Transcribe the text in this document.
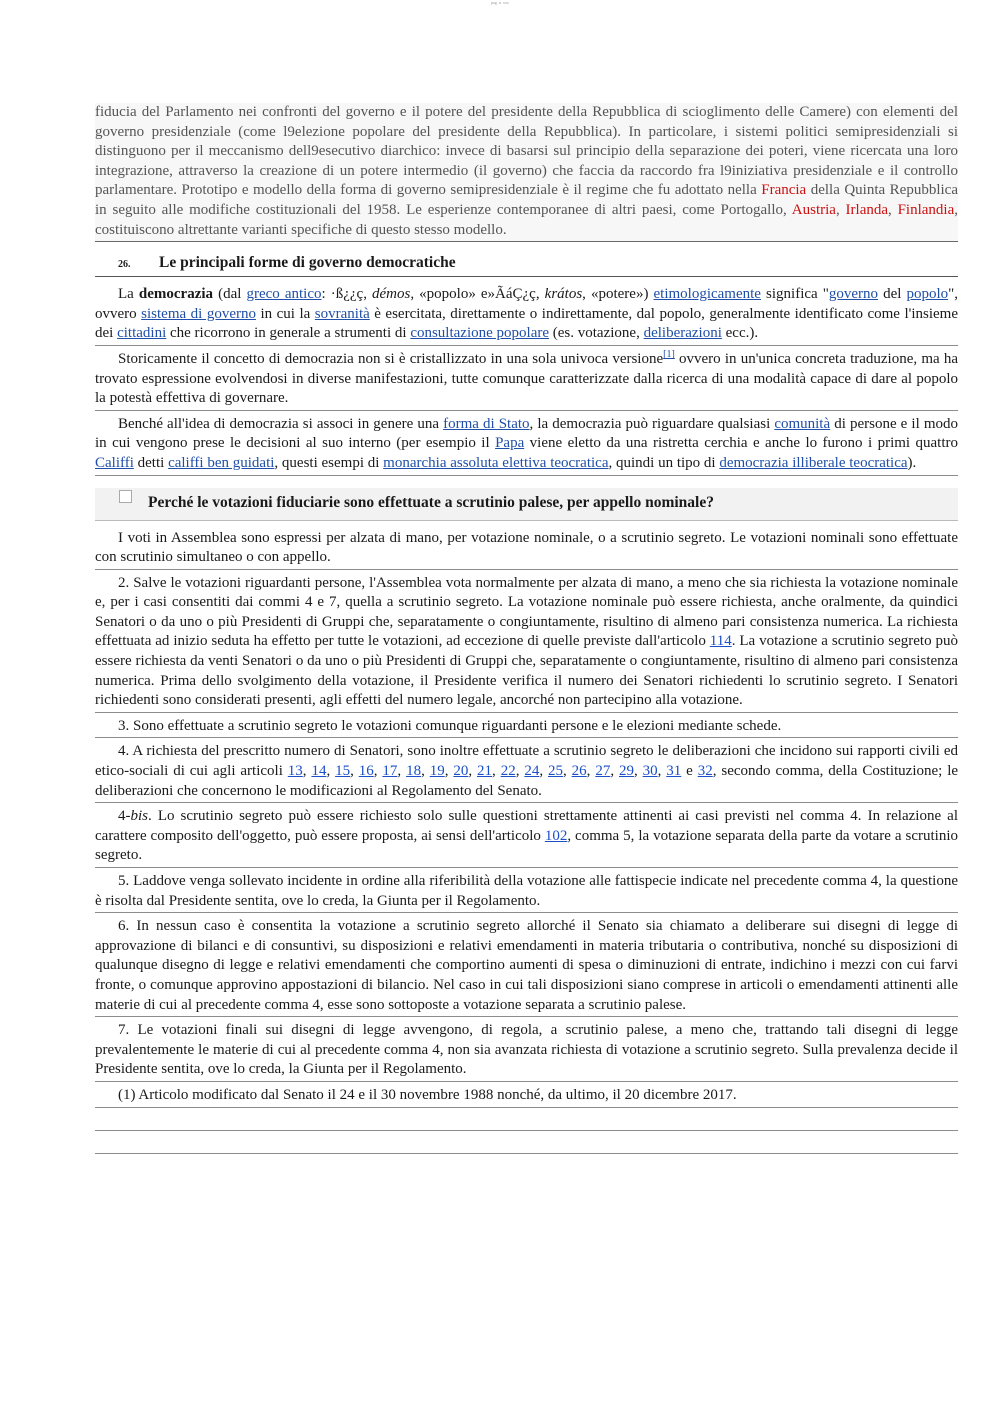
pag. n. xxx

fiducia del Parlamento nei confronti del governo e il potere del presidente della Repubblica di scioglimento delle Camere) con elementi del governo presidenziale (come l9elezione popolare del presidente della Repubblica). In particolare, i sistemi politici semipresidenziali si distinguono per il meccanismo dell9esecutivo diarchico: invece di basarsi sul principio della separazione dei poteri, viene ricercata una loro integrazione, attraverso la creazione di un potere intermedio (il governo) che faccia da raccordo fra l9iniziativa presidenziale e il controllo parlamentare. Prototipo e modello della forma di governo semipresidenziale è il regime che fu adottato nella Francia della Quinta Repubblica in seguito alle modifiche costituzionali del 1958. Le esperienze contemporanee di altri paesi, come Portogallo, Austria, Irlanda, Finlandia, costituiscono altrettante varianti specifiche di questo stesso modello.

26.	Le principali forme di governo democratiche

La democrazia (dal greco antico: ·ß¿¿ç, démos, «popolo» e»ÃáÇ¿ç, krátos, «potere») etimologicamente significa "governo del popolo", ovvero sistema di governo in cui la sovranità è esercitata, direttamente o indirettamente, dal popolo, generalmente identificato come l'insieme dei cittadini che ricorrono in generale a strumenti di consultazione popolare (es. votazione, deliberazioni ecc.).

Storicamente il concetto di democrazia non si è cristallizzato in una sola univoca versione[1] ovvero in un'unica concreta traduzione, ma ha trovato espressione evolvendosi in diverse manifestazioni, tutte comunque caratterizzate dalla ricerca di una modalità capace di dare al popolo la potestà effettiva di governare.

Benché all'idea di democrazia si associ in genere una forma di Stato, la democrazia può riguardare qualsiasi comunità di persone e il modo in cui vengono prese le decisioni al suo interno (per esempio il Papa viene eletto da una ristretta cerchia e anche lo furono i primi quattro Califfi detti califfi ben guidati, questi esempi di monarchia assoluta elettiva teocratica, quindi un tipo di democrazia illiberale teocratica).

Perché le votazioni fiduciarie sono effettuate a scrutinio palese, per appello nominale?

I voti in Assemblea sono espressi per alzata di mano, per votazione nominale, o a scrutinio segreto. Le votazioni nominali sono effettuate con scrutinio simultaneo o con appello.

2. Salve le votazioni riguardanti persone, l'Assemblea vota normalmente per alzata di mano, a meno che sia richiesta la votazione nominale e, per i casi consentiti dai commi 4 e 7, quella a scrutinio segreto. La votazione nominale può essere richiesta, anche oralmente, da quindici Senatori o da uno o più Presidenti di Gruppi che, separatamente o congiuntamente, risultino di almeno pari consistenza numerica. La richiesta effettuata ad inizio seduta ha effetto per tutte le votazioni, ad eccezione di quelle previste dall'articolo 114. La votazione a scrutinio segreto può essere richiesta da venti Senatori o da uno o più Presidenti di Gruppi che, separatamente o congiuntamente, risultino di almeno pari consistenza numerica. Prima dello svolgimento della votazione, il Presidente verifica il numero dei Senatori richiedenti lo scrutinio segreto. I Senatori richiedenti sono considerati presenti, agli effetti del numero legale, ancorché non partecipino alla votazione.

3. Sono effettuate a scrutinio segreto le votazioni comunque riguardanti persone e le elezioni mediante schede.

4. A richiesta del prescritto numero di Senatori, sono inoltre effettuate a scrutinio segreto le deliberazioni che incidono sui rapporti civili ed etico-sociali di cui agli articoli 13, 14, 15, 16, 17, 18, 19, 20, 21, 22, 24, 25, 26, 27, 29, 30, 31 e 32, secondo comma, della Costituzione; le deliberazioni che concernono le modificazioni al Regolamento del Senato.

4-bis. Lo scrutinio segreto può essere richiesto solo sulle questioni strettamente attinenti ai casi previsti nel comma 4. In relazione al carattere composito dell'oggetto, può essere proposta, ai sensi dell'articolo 102, comma 5, la votazione separata della parte da votare a scrutinio segreto.

5. Laddove venga sollevato incidente in ordine alla riferibilità della votazione alle fattispecie indicate nel precedente comma 4, la questione è risolta dal Presidente sentita, ove lo creda, la Giunta per il Regolamento.

6. In nessun caso è consentita la votazione a scrutinio segreto allorché il Senato sia chiamato a deliberare sui disegni di legge di approvazione di bilanci e di consuntivi, su disposizioni e relativi emendamenti in materia tributaria o contributiva, nonché su disposizioni di qualunque disegno di legge e relativi emendamenti che comportino aumenti di spesa o diminuzioni di entrate, indichino i mezzi con cui farvi fronte, o comunque approvino appostazioni di bilancio. Nel caso in cui tali disposizioni siano comprese in articoli o emendamenti attinenti alle materie di cui al precedente comma 4, esse sono sottoposte a votazione separata a scrutinio palese.

7. Le votazioni finali sui disegni di legge avvengono, di regola, a scrutinio palese, a meno che, trattando tali disegni di legge prevalentemente le materie di cui al precedente comma 4, non sia avanzata richiesta di votazione a scrutinio segreto. Sulla prevalenza decide il Presidente sentita, ove lo creda, la Giunta per il Regolamento.

(1) Articolo modificato dal Senato il 24 e il 30 novembre 1988 nonché, da ultimo, il 20 dicembre 2017.
